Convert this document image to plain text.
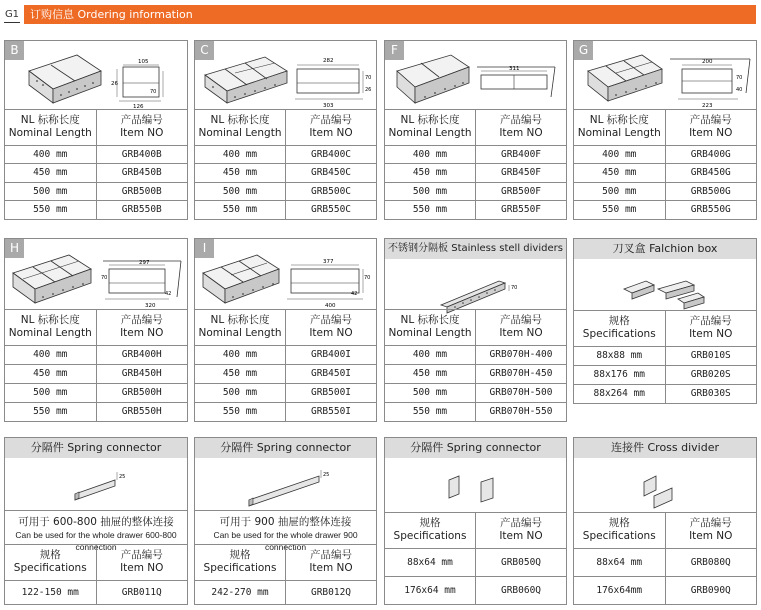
G1 订购信息 Ordering information
105
126
26
70
B
NL 标称长度
Nominal Length	产品编号
Item NO
400 mm	GRB400B
450 mm	GRB450B
500 mm	GRB500B
550 mm	GRB550B
282
303
70
26
C
NL 标称长度
Nominal Length	产品编号
Item NO
400 mm	GRB400C
450 mm	GRB450C
500 mm	GRB500C
550 mm	GRB550C
311
F
NL 标称长度
Nominal Length	产品编号
Item NO
400 mm	GRB400F
450 mm	GRB450F
500 mm	GRB500F
550 mm	GRB550F
200
223
70
40
G
NL 标称长度
Nominal Length	产品编号
Item NO
400 mm	GRB400G
450 mm	GRB450G
500 mm	GRB500G
550 mm	GRB550G
297
320
42
70
H
NL 标称长度
Nominal Length	产品编号
Item NO
400 mm	GRB400H
450 mm	GRB450H
500 mm	GRB500H
550 mm	GRB550H
377
400
70
42
I
NL 标称长度
Nominal Length	产品编号
Item NO
400 mm	GRB400I
450 mm	GRB450I
500 mm	GRB500I
550 mm	GRB550I
不锈钢分隔板 Stainless stell dividers
70
NL 标称长度
Nominal Length	产品编号
Item NO
400 mm	GRB070H-400
450 mm	GRB070H-450
500 mm	GRB070H-500
550 mm	GRB070H-550
刀叉盒 Falchion box
规格
Specifications	产品编号
Item NO
88x88 mm	GRB010S
88x176 mm	GRB020S
88x264 mm	GRB030S
分隔件 Spring connector
25
可用于 600-800 抽屉的整体连接
Can be used for the whole drawer 600-800 connection
规格
Specifications	产品编号
Item NO
122-150 mm	GRB011Q
分隔件 Spring connector
25
可用于 900 抽屉的整体连接
Can be used for the whole drawer 900 connection
规格
Specifications	产品编号
Item NO
242-270 mm	GRB012Q
分隔件 Spring connector
规格
Specifications	产品编号
Item NO
88x64 mm	GRB050Q
176x64 mm	GRB060Q
连接件 Cross divider
规格
Specifications	产品编号
Item NO
88x64 mm	GRB080Q
176x64mm	GRB090Q
